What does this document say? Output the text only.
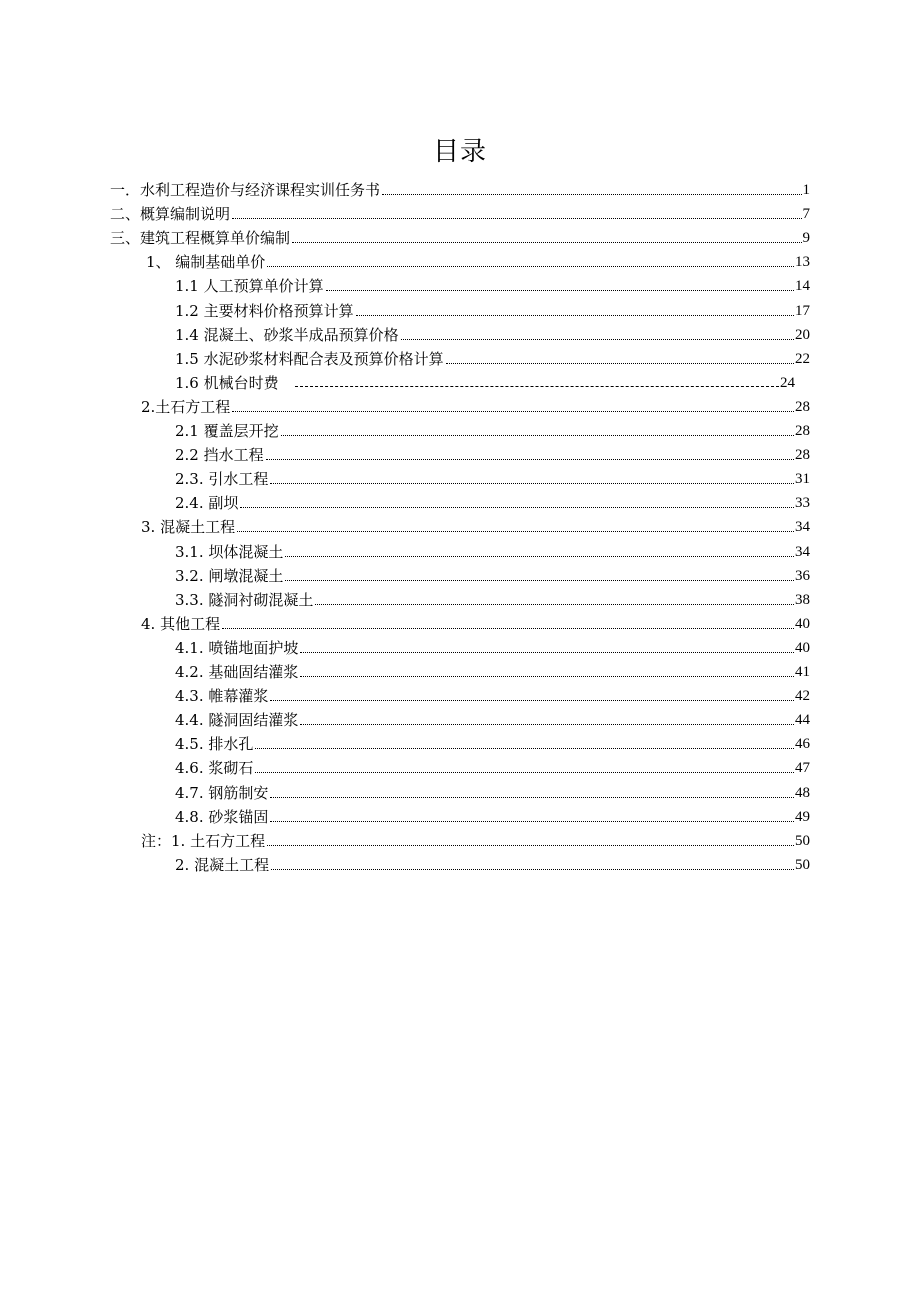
目录
一．水利工程造价与经济课程实训任务书	1
二、概算编制说明	7
三、建筑工程概算单价编制	9
1、 编制基础单价	13
1.1 人工预算单价计算	14
1.2 主要材料价格预算计算	17
1.4 混凝土、砂浆半成品预算价格	20
1.5 水泥砂浆材料配合表及预算价格计算	22
1.6 机械台时费	24
2.土石方工程	28
2.1 覆盖层开挖	28
2.2 挡水工程	28
2.3. 引水工程	31
2.4. 副坝	33
3. 混凝土工程	34
3.1. 坝体混凝土	34
3.2. 闸墩混凝土	36
3.3. 隧洞衬砌混凝土	38
4. 其他工程	40
4.1. 喷锚地面护坡	40
4.2. 基础固结灌浆	41
4.3. 帷幕灌浆	42
4.4. 隧洞固结灌浆	44
4.5. 排水孔	46
4.6. 浆砌石	47
4.7. 钢筋制安	48
4.8. 砂浆锚固	49
注：1. 土石方工程	50
2. 混凝土工程	50
